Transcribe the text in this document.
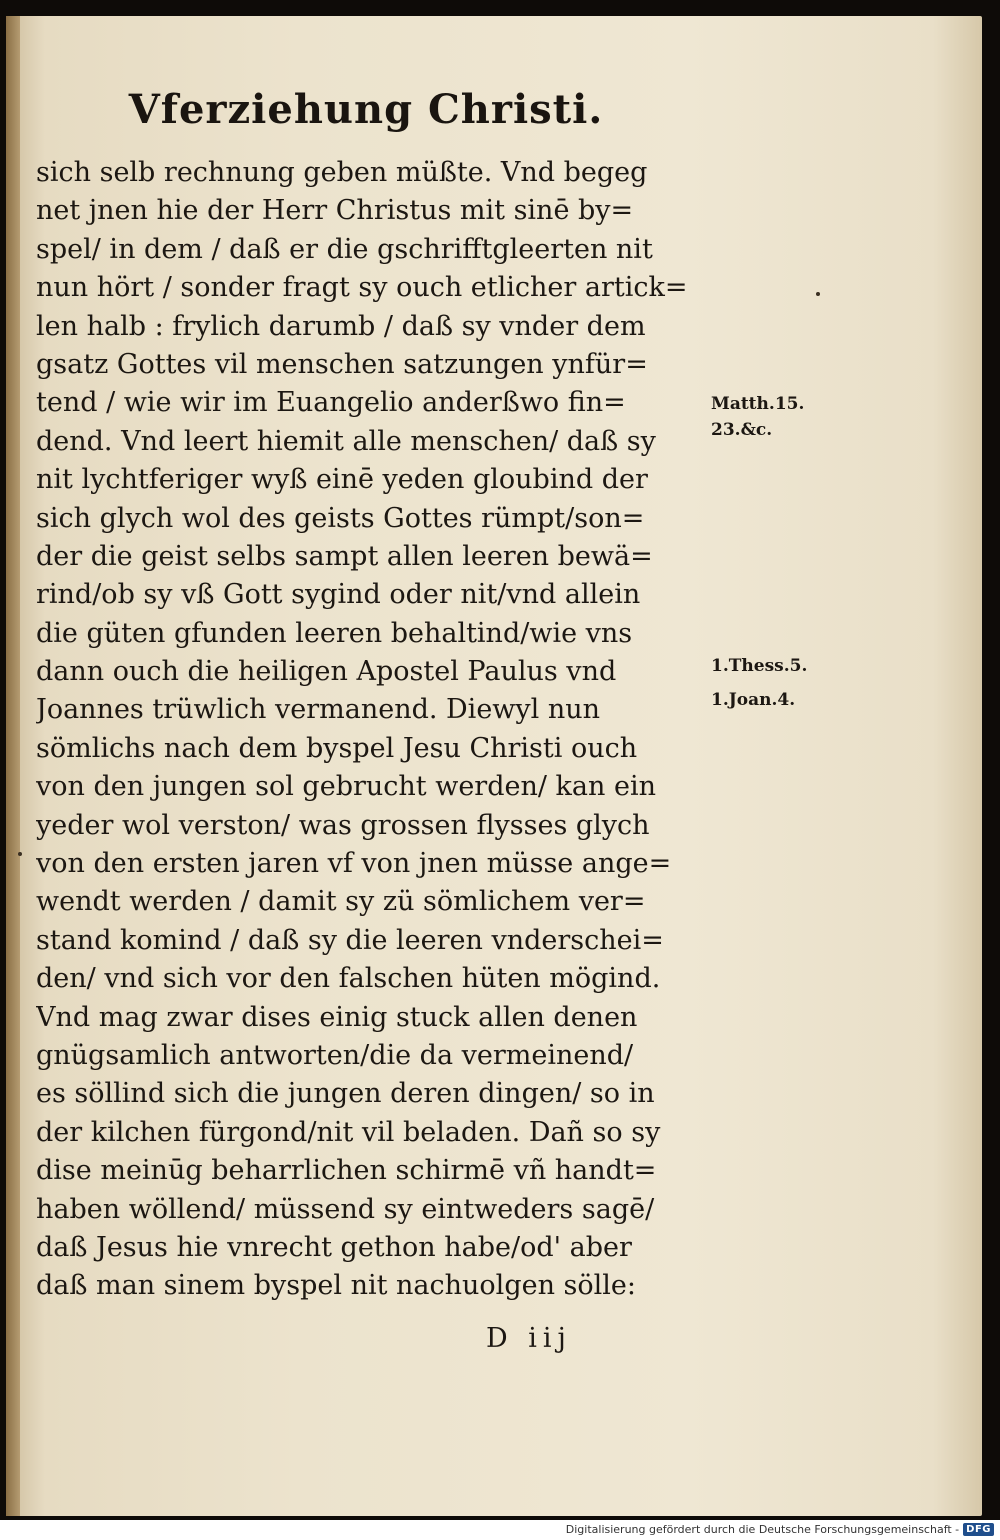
Vferziehung Christi.
sich selb rechnung geben müßte. Vnd begeg
net jnen hie der Herr Christus mit sinē by=
spel/ in dem / daß er die gschrifftgleerten nit
nun hört / sonder fragt sy ouch etlicher artick=
len halb : frylich darumb / daß sy vnder dem
gsatz Gottes vil menschen satzungen ynfür=
tend / wie wir im Euangelio anderßwo fin=
dend. Vnd leert hiemit alle menschen/ daß sy
nit lychtferiger wyß einē yeden gloubind der
sich glych wol des geists Gottes rümpt/son=
der die geist selbs sampt allen leeren bewä=
rind/ob sy vß Gott sygind oder nit/vnd allein
die güten gfunden leeren behaltind/wie vns
dann ouch die heiligen Apostel Paulus vnd
Joannes trüwlich vermanend. Diewyl nun
sömlichs nach dem byspel Jesu Christi ouch
von den jungen sol gebrucht werden/ kan ein
yeder wol verston/ was grossen flysses glych
von den ersten jaren vf von jnen müsse ange=
wendt werden / damit sy zü sömlichem ver=
stand komind / daß sy die leeren vnderschei=
den/ vnd sich vor den falschen hüten mögind.
Vnd mag zwar dises einig stuck allen denen
gnügsamlich antworten/die da vermeinend/
es söllind sich die jungen deren dingen/ so in
der kilchen fürgond/nit vil beladen. Dañ so sy
dise meinūg beharrlichen schirmē vñ handt=
haben wöllend/ müssend sy eintweders sagē/
daß Jesus hie vnrecht gethon habe/od' aber
daß man sinem byspel nit nachuolgen sölle:
Matth.15.
23.&c.
1.Thess.5.
1.Joan.4.
D iij
Digitalisierung gefördert durch die Deutsche Forschungsgemeinschaft - DFG
